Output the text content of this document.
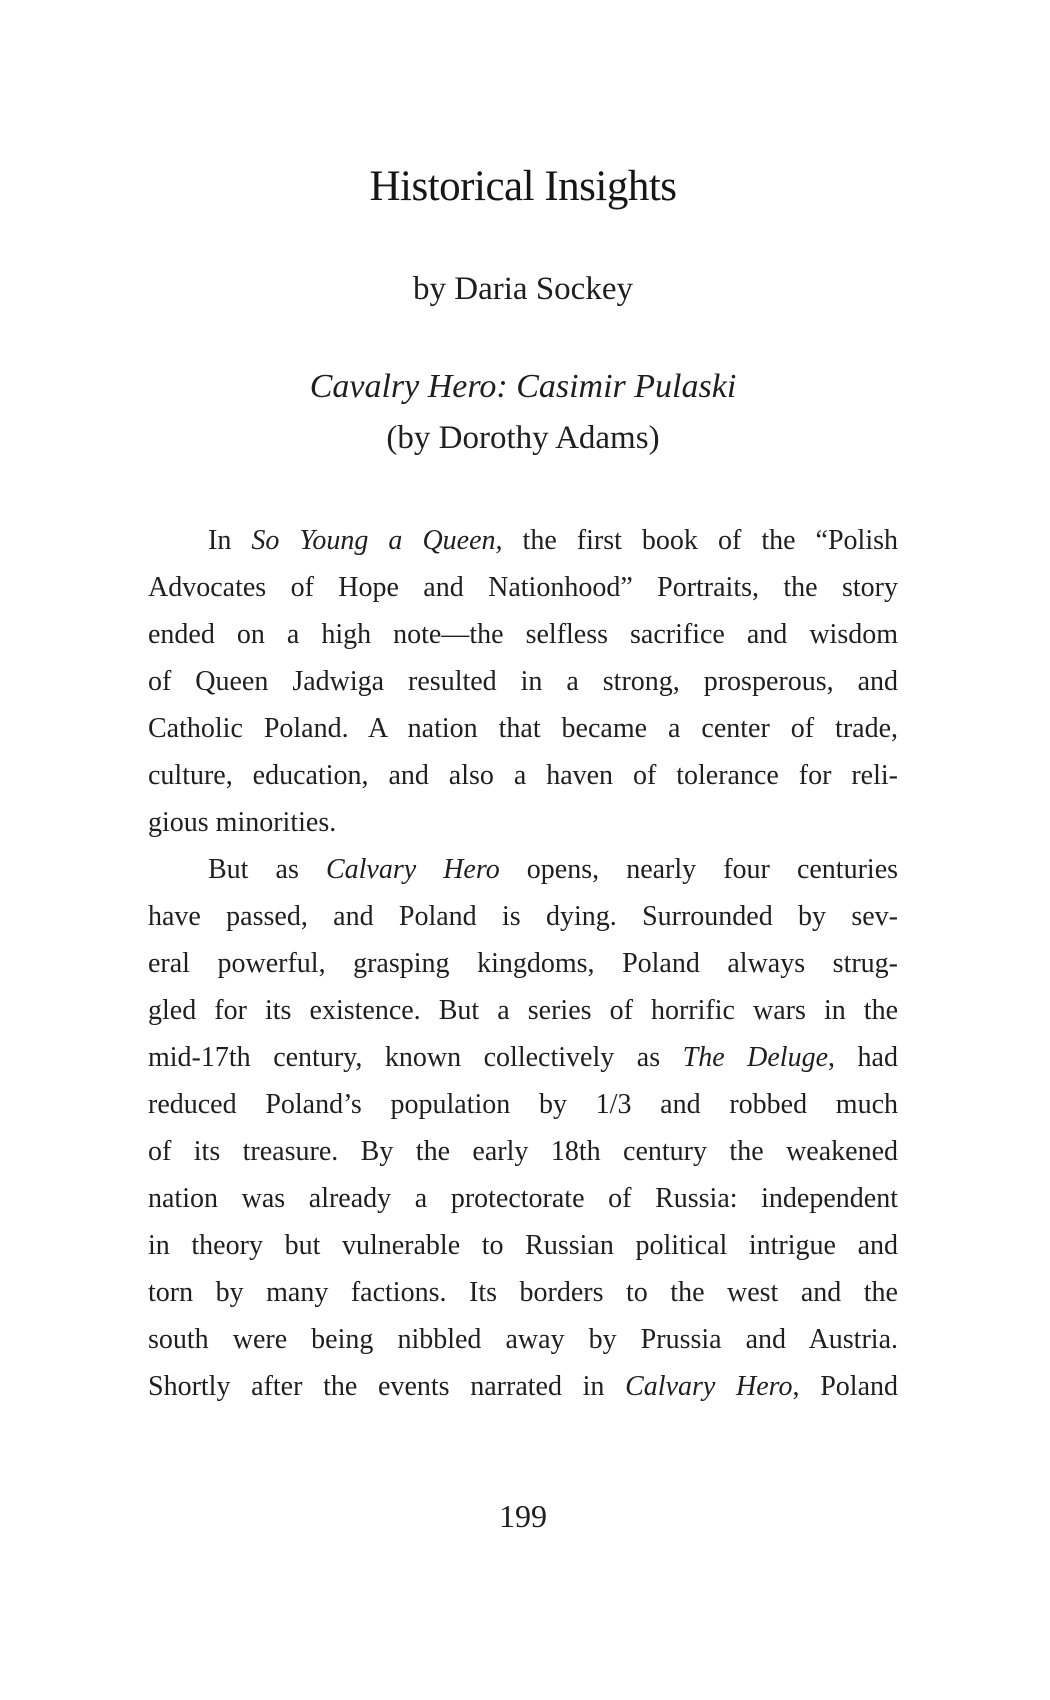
Historical Insights
by Daria Sockey
Cavalry Hero: Casimir Pulaski
(by Dorothy Adams)
In So Young a Queen, the first book of the “Polish
Advocates of Hope and Nationhood” Portraits, the story
ended on a high note—the selfless sacrifice and wisdom
of Queen Jadwiga resulted in a strong, prosperous, and
Catholic Poland. A nation that became a center of trade,
culture, education, and also a haven of tolerance for reli-
gious minorities.
But as Calvary Hero opens, nearly four centuries
have passed, and Poland is dying. Surrounded by sev-
eral powerful, grasping kingdoms, Poland always strug-
gled for its existence. But a series of horrific wars in the
mid-17th century, known collectively as The Deluge, had
reduced Poland’s population by 1/3 and robbed much
of its treasure. By the early 18th century the weakened
nation was already a protectorate of Russia: independent
in theory but vulnerable to Russian political intrigue and
torn by many factions. Its borders to the west and the
south were being nibbled away by Prussia and Austria.
Shortly after the events narrated in Calvary Hero, Poland
199
